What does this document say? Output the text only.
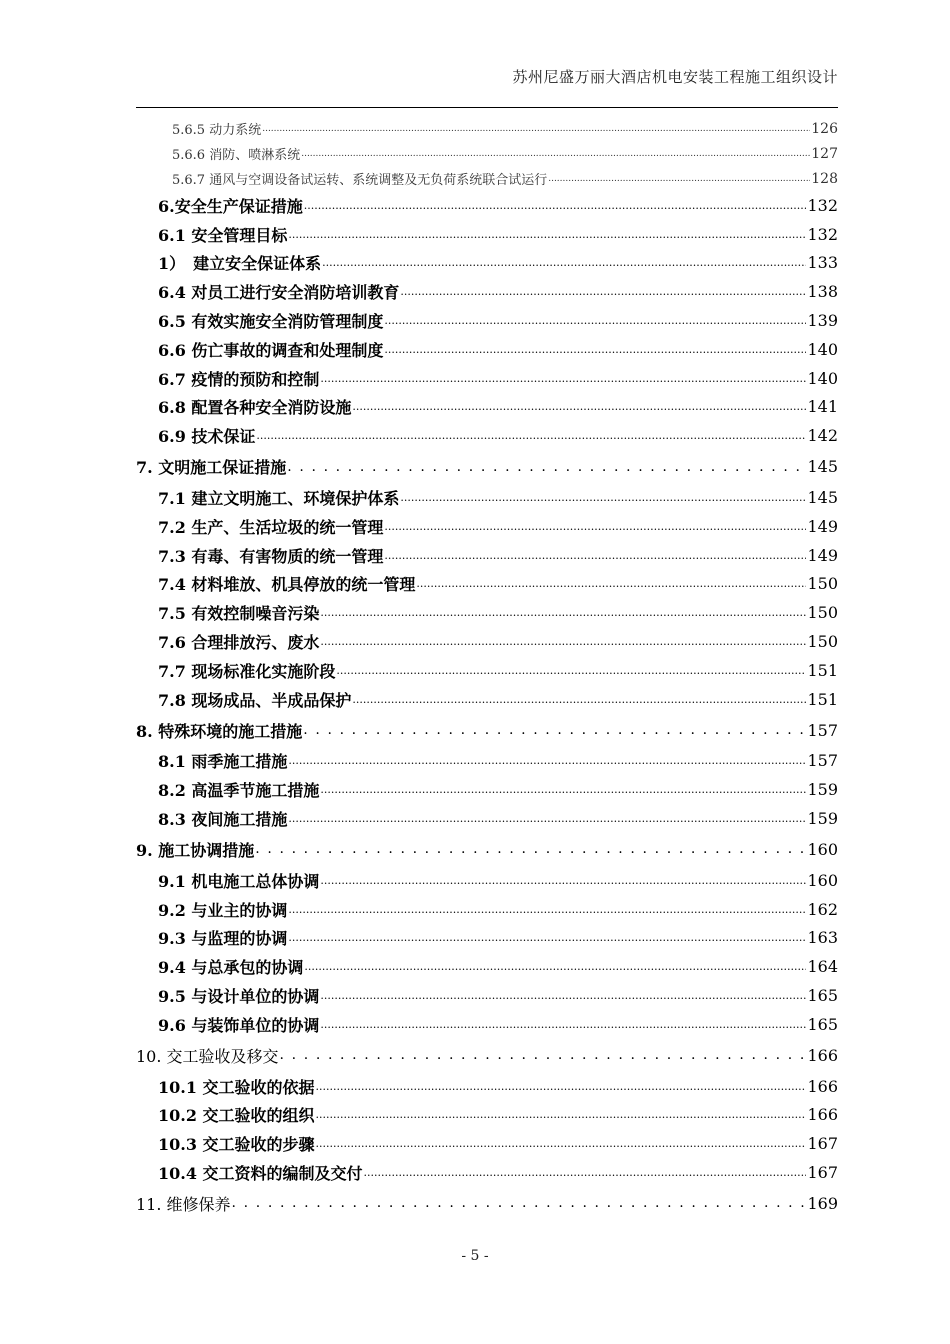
苏州尼盛万丽大酒店机电安装工程施工组织设计
5.6.5 动力系统 .....	126
5.6.6 消防、喷淋系统 .....	127
5.6.7 通风与空调设备试运转、系统调整及无负荷系统联合试运行 .....	128
6.安全生产保证措施 .....	132
6.1 安全管理目标 .....	132
1）　建立安全保证体系 .....	133
6.4 对员工进行安全消防培训教育 .....	138
6.5 有效实施安全消防管理制度 .....	139
6.6 伤亡事故的调查和处理制度 .....	140
6.7 疫情的预防和控制 .....	140
6.8 配置各种安全消防设施 .....	141
6.9 技术保证 .....	142
7. 文明施工保证措施 . . .	145
7.1 建立文明施工、环境保护体系 .....	145
7.2 生产、生活垃圾的统一管理 .....	149
7.3 有毒、有害物质的统一管理 .....	149
7.4 材料堆放、机具停放的统一管理 .....	150
7.5 有效控制噪音污染 .....	150
7.6 合理排放污、废水 .....	150
7.7 现场标准化实施阶段 .....	151
7.8 现场成品、半成品保护 .....	151
8. 特殊环境的施工措施 . . .	157
8.1 雨季施工措施 .....	157
8.2 高温季节施工措施 .....	159
8.3 夜间施工措施 .....	159
9. 施工协调措施 . . .	160
9.1 机电施工总体协调 .....	160
9.2 与业主的协调 .....	162
9.3 与监理的协调 .....	163
9.4 与总承包的协调 .....	164
9.5 与设计单位的协调 .....	165
9.6 与装饰单位的协调 .....	165
10. 交工验收及移交 . . .	166
10.1 交工验收的依据 .....	166
10.2 交工验收的组织 .....	166
10.3 交工验收的步骤 .....	167
10.4 交工资料的编制及交付 .....	167
11. 维修保养 . . .	169
- 5 -
